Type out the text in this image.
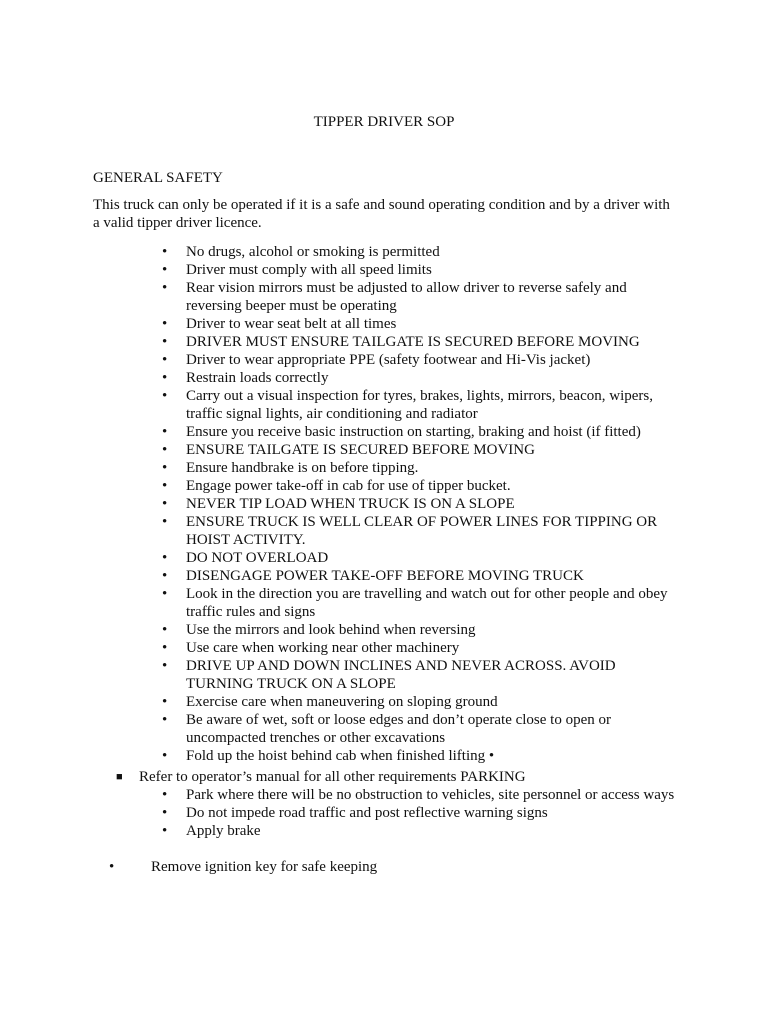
TIPPER DRIVER SOP
GENERAL SAFETY
This truck can only be operated if it is a safe and sound operating condition and by a driver with a valid tipper driver licence.
• No drugs, alcohol or smoking is permitted
• Driver must comply with all speed limits
• Rear vision mirrors must be adjusted to allow driver to reverse safely and reversing beeper must be operating
• Driver to wear seat belt at all times
• DRIVER MUST ENSURE TAILGATE IS SECURED BEFORE MOVING
• Driver to wear appropriate PPE (safety footwear and Hi-Vis jacket)
• Restrain loads correctly
• Carry out a visual inspection for tyres, brakes, lights, mirrors, beacon, wipers, traffic signal lights, air conditioning and radiator
• Ensure you receive basic instruction on starting, braking and hoist (if fitted)
• ENSURE TAILGATE IS SECURED BEFORE MOVING
• Ensure handbrake is on before tipping.
• Engage power take-off in cab for use of tipper bucket.
• NEVER TIP LOAD WHEN TRUCK IS ON A SLOPE
• ENSURE TRUCK IS WELL CLEAR OF POWER LINES FOR TIPPING OR HOIST ACTIVITY.
• DO NOT OVERLOAD
• DISENGAGE POWER TAKE-OFF BEFORE MOVING TRUCK
• Look in the direction you are travelling and watch out for other people and obey traffic rules and signs
• Use the mirrors and look behind when reversing
• Use care when working near other machinery
• DRIVE UP AND DOWN INCLINES AND NEVER ACROSS. AVOID TURNING TRUCK ON A SLOPE
• Exercise care when maneuvering on sloping ground
• Be aware of wet, soft or loose edges and don’t operate close to open or uncompacted trenches or other excavations
• Fold up the hoist behind cab when finished lifting •
■ Refer to operator’s manual for all other requirements PARKING
• Park where there will be no obstruction to vehicles, site personnel or access ways
• Do not impede road traffic and post reflective warning signs
• Apply brake
• Remove ignition key for safe keeping
